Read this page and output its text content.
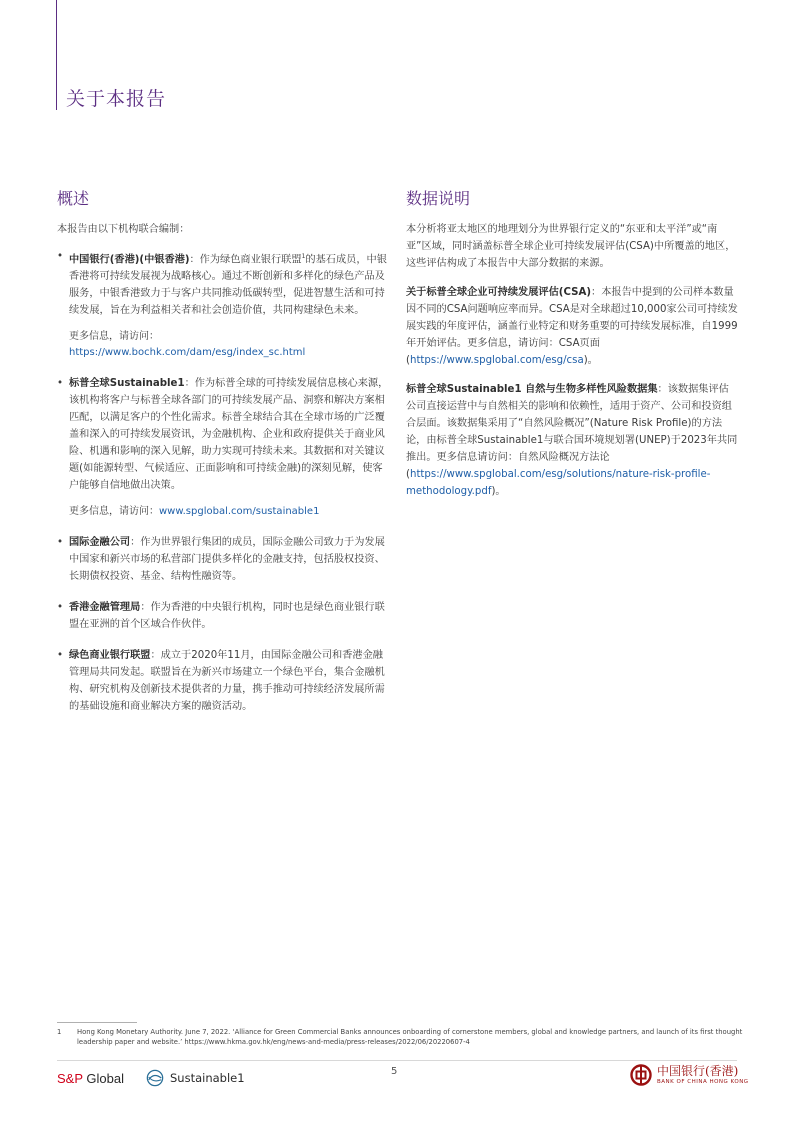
关于本报告
概述

本报告由以下机构联合编制：

• 中国银行(香港)(中银香港)：作为绿色商业银行联盟$^1$的基石成员，中银香港将可持续发展视为战略核心。通过不断创新和多样化的绿色产品及服务，中银香港致力于与客户共同推动低碳转型，促进智慧生活和可持续发展，旨在为利益相关者和社会创造价值，共同构建绿色未来。
更多信息，请访问：https://www.bochk.com/dam/esg/index_sc.html
• 标普全球Sustainable1：作为标普全球的可持续发展信息核心来源，该机构将客户与标普全球各部门的可持续发展产品、洞察和解决方案相匹配，以满足客户的个性化需求。标普全球结合其在全球市场的广泛覆盖和深入的可持续发展资讯，为金融机构、企业和政府提供关于商业风险、机遇和影响的深入见解，助力实现可持续未来。其数据和对关键议题(如能源转型、气候适应、正面影响和可持续金融)的深刻见解，使客户能够自信地做出决策。
更多信息，请访问：www.spglobal.com/sustainable1
• 国际金融公司：作为世界银行集团的成员，国际金融公司致力于为发展中国家和新兴市场的私营部门提供多样化的金融支持，包括股权投资、长期债权投资、基金、结构性融资等。
• 香港金融管理局：作为香港的中央银行机构，同时也是绿色商业银行联盟在亚洲的首个区域合作伙伴。
• 绿色商业银行联盟：成立于2020年11月，由国际金融公司和香港金融管理局共同发起。联盟旨在为新兴市场建立一个绿色平台，集合金融机构、研究机构及创新技术提供者的力量，携手推动可持续经济发展所需的基础设施和商业解决方案的融资活动。
数据说明

本分析将亚太地区的地理划分为世界银行定义的“东亚和太平洋”或“南亚”区域，同时涵盖标普全球企业可持续发展评估(CSA)中所覆盖的地区，这些评估构成了本报告中大部分数据的来源。

关于标普全球企业可持续发展评估(CSA)：本报告中提到的公司样本数量因不同的CSA问题响应率而异。CSA是对全球超过10,000家公司可持续发展实践的年度评估，涵盖行业特定和财务重要的可持续发展标准，自1999年开始评估。更多信息，请访问：CSA页面 (https://www.spglobal.com/esg/csa)。

标普全球Sustainable1 自然与生物多样性风险数据集：该数据集评估公司直接运营中与自然相关的影响和依赖性，适用于资产、公司和投资组合层面。该数据集采用了“自然风险概况”(Nature Risk Profile)的方法论，由标普全球Sustainable1与联合国环境规划署(UNEP)于2023年共同推出。更多信息请访问：自然风险概况方法论 (https://www.spglobal.com/esg/solutions/nature-risk-profile-methodology.pdf)。

1	Hong Kong Monetary Authority. June 7, 2022. ‘Alliance for Green Commercial Banks announces onboarding of cornerstone members, global and knowledge partners, and launch of its first thought leadership paper and website.’ https://www.hkma.gov.hk/eng/news-and-media/press-releases/2022/06/20220607-4
S&P Global	Sustainable1	5	中国银行(香港)
BANK OF CHINA HONG KONG
